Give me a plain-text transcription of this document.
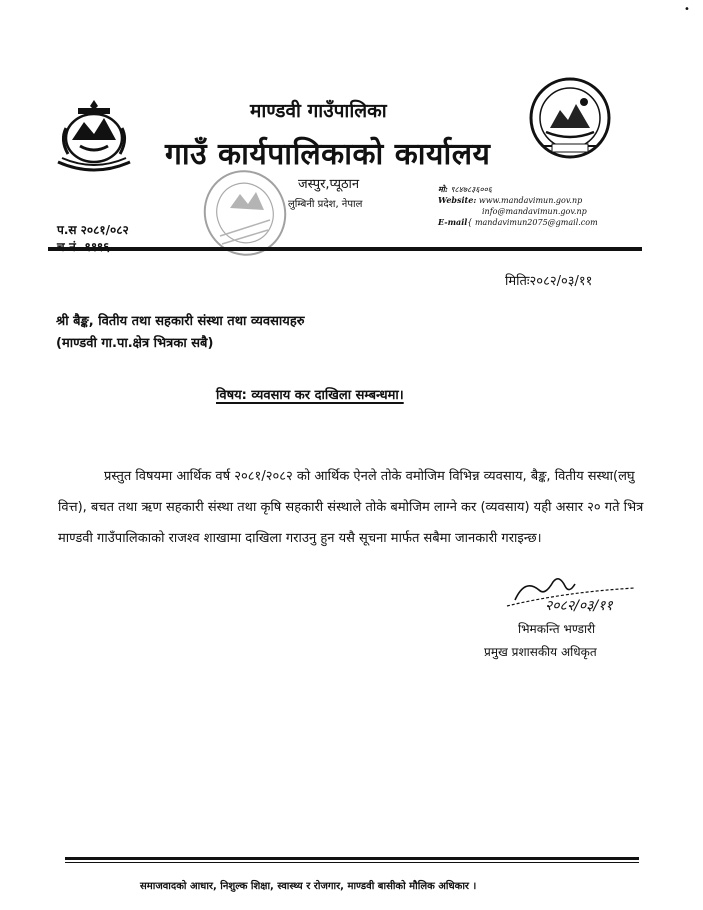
•
माण्डवी गाउँपालिका
गाउँ कार्यपालिकाको कार्यालय
जस्पुर,प्यूठान
लुम्बिनी प्रदेश, नेपाल
मो: ९८४७८३६००६
Website: www.mandavimun.gov.np
info@mandavimun.gov.np
E-mail{ mandavimun2075@gmail.com
प.स २०८१/०८२
मितिः२०८२/०३/११
श्री बैङ्क, वितीय तथा सहकारी संस्था तथा व्यवसायहरु
(माण्डवी गा.पा.क्षेत्र भित्रका सबै)
विषय: व्यवसाय कर दाखिला सम्बन्धमा।
प्रस्तुत विषयमा आर्थिक वर्ष २०८१/२०८२ को आर्थिक ऐनले तोके वमोजिम विभिन्न व्यवसाय, बैङ्क, वितीय सस्था(लघु वित्त), बचत तथा ऋण सहकारी संस्था तथा कृषि सहकारी संस्थाले तोके बमोजिम लाग्ने कर (व्यवसाय) यही असार २० गते भित्र माण्डवी गाउँपालिकाको राजश्व शाखामा दाखिला गराउनु हुन यसै सूचना मार्फत सबैमा जानकारी गराइन्छ।
२०८२/०३/११
भिमकन्ति भण्डारी
प्रमुख प्रशासकीय अधिकृत
समाजवादको आधार, निशुल्क शिक्षा, स्वास्थ्य र रोजगार, माण्डवी बासीको मौलिक अधिकार ।
